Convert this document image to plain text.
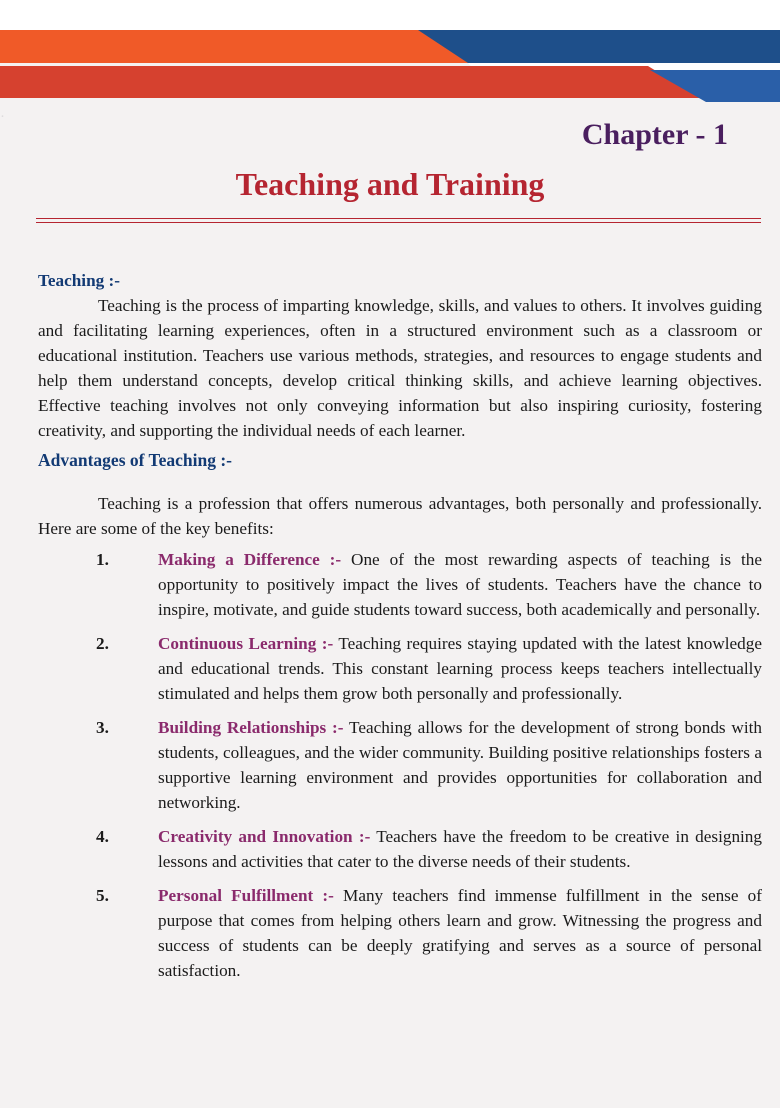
·
Chapter - 1
Teaching and Training
Teaching :-

Teaching is the process of imparting knowledge, skills, and values to others. It involves guiding and facilitating learning experiences, often in a structured environment such as a classroom or educational institution. Teachers use various methods, strategies, and resources to engage students and help them understand concepts, develop critical thinking skills, and achieve learning objectives. Effective teaching involves not only conveying information but also inspiring curiosity, fostering creativity, and supporting the individual needs of each learner.

Advantages of Teaching :-

Teaching is a profession that offers numerous advantages, both personally and professionally. Here are some of the key benefits:

1.	Making a Difference :- One of the most rewarding aspects of teaching is the opportunity to positively impact the lives of students. Teachers have the chance to inspire, motivate, and guide students toward success, both academically and personally.
2.	Continuous Learning :- Teaching requires staying updated with the latest knowledge and educational trends. This constant learning process keeps teachers intellectually stimulated and helps them grow both personally and professionally.
3.	Building Relationships :- Teaching allows for the development of strong bonds with students, colleagues, and the wider community. Building positive relationships fosters a supportive learning environment and provides opportunities for collaboration and networking.
4.	Creativity and Innovation :- Teachers have the freedom to be creative in designing lessons and activities that cater to the diverse needs of their students.
5.	Personal Fulfillment :- Many teachers find immense fulfillment in the sense of purpose that comes from helping others learn and grow. Witnessing the progress and success of students can be deeply gratifying and serves as a source of personal satisfaction.
